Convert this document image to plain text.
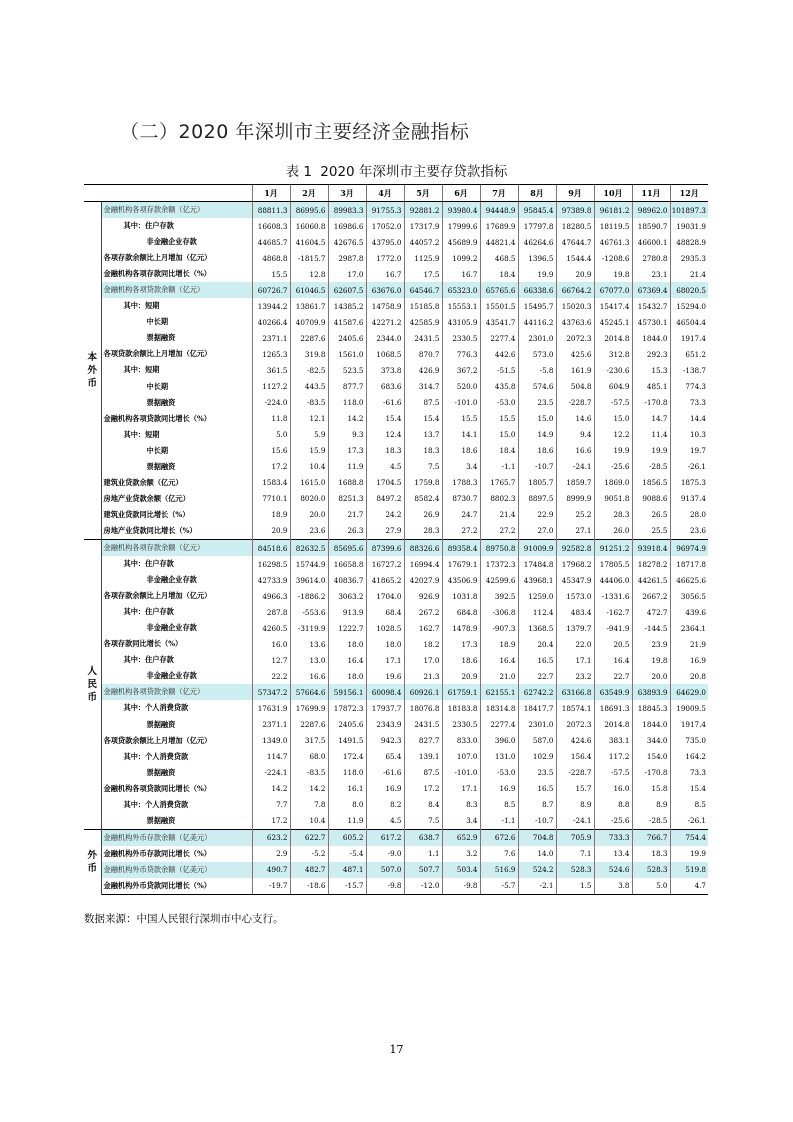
（二）2020 年深圳市主要经济金融指标
表 1 2020 年深圳市主要存贷款指标
		1月	2月	3月	4月	5月	6月	7月	8月	9月	10月	11月	12月
本
外
币	金融机构各项存款余额（亿元）	88811.3	86995.6	89983.3	91755.3	92881.2	93980.4	94448.9	95845.4	97389.8	96181.2	98962.0	101897.3
	其中：住户存款	16608.3	16060.8	16986.6	17052.0	17317.9	17999.6	17689.9	17797.8	18280.5	18119.5	18590.7	19031.9
	非金融企业存款	44685.7	41604.5	42676.5	43795.0	44057.2	45689.9	44821.4	46264.6	47644.7	46761.3	46600.1	48828.9
	各项存款余额比上月增加（亿元）	4868.8	-1815.7	2987.8	1772.0	1125.9	1099.2	468.5	1396.5	1544.4	-1208.6	2780.8	2935.3
	金融机构各项存款同比增长（%）	15.5	12.8	17.0	16.7	17.5	16.7	18.4	19.9	20.9	19.8	23.1	21.4
	金融机构各项贷款余额（亿元）	60726.7	61046.5	62607.5	63676.0	64546.7	65323.0	65765.6	66338.6	66764.2	67077.0	67369.4	68020.5
	其中：短期	13944.2	13861.7	14385.2	14758.9	15185.8	15553.1	15501.5	15495.7	15020.3	15417.4	15432.7	15294.0
	中长期	40266.4	40709.9	41587.6	42271.2	42585.9	43105.9	43541.7	44116.2	43763.6	45245.1	45730.1	46504.4
	票据融资	2371.1	2287.6	2405.6	2344.0	2431.5	2330.5	2277.4	2301.0	2072.3	2014.8	1844.0	1917.4
	各项贷款余额比上月增加（亿元）	1265.3	319.8	1561.0	1068.5	870.7	776.3	442.6	573.0	425.6	312.8	292.3	651.2
	其中：短期	361.5	-82.5	523.5	373.8	426.9	367.2	-51.5	-5.8	161.9	-230.6	15.3	-138.7
	中长期	1127.2	443.5	877.7	683.6	314.7	520.0	435.8	574.6	504.8	604.9	485.1	774.3
	票据融资	-224.0	-83.5	118.0	-61.6	87.5	-101.0	-53.0	23.5	-228.7	-57.5	-170.8	73.3
	金融机构各项贷款同比增长（%）	11.8	12.1	14.2	15.4	15.4	15.5	15.5	15.0	14.6	15.0	14.7	14.4
	其中：短期	5.0	5.9	9.3	12.4	13.7	14.1	15.0	14.9	9.4	12.2	11.4	10.3
	中长期	15.6	15.9	17.3	18.3	18.3	18.6	18.4	18.6	16.6	19.9	19.9	19.7
	票据融资	17.2	10.4	11.9	4.5	7.5	3.4	-1.1	-10.7	-24.1	-25.6	-28.5	-26.1
	建筑业贷款余额（亿元）	1583.4	1615.0	1688.8	1704.5	1759.8	1788.3	1765.7	1805.7	1859.7	1869.0	1856.5	1875.3
	房地产业贷款余额（亿元）	7710.1	8020.0	8251.3	8497.2	8582.4	8730.7	8802.3	8897.5	8999.9	9051.8	9088.6	9137.4
	建筑业贷款同比增长（%）	18.9	20.0	21.7	24.2	26.9	24.7	21.4	22.9	25.2	28.3	26.5	28.0
	房地产业贷款同比增长（%）	20.9	23.6	26.3	27.9	28.3	27.2	27.2	27.0	27.1	26.0	25.5	23.6
人
民
币	金融机构各项存款余额（亿元）	84518.6	82632.5	85695.6	87399.6	88326.6	89358.4	89750.8	91009.9	92582.8	91251.2	93918.4	96974.9
	其中：住户存款	16298.5	15744.9	16658.8	16727.2	16994.4	17679.1	17372.3	17484.8	17968.2	17805.5	18278.2	18717.8
	非金融企业存款	42733.9	39614.0	40836.7	41865.2	42027.9	43506.9	42599.6	43968.1	45347.9	44406.0	44261.5	46625.6
	各项存款余额比上月增加（亿元）	4966.3	-1886.2	3063.2	1704.0	926.9	1031.8	392.5	1259.0	1573.0	-1331.6	2667.2	3056.5
	其中：住户存款	287.8	-553.6	913.9	68.4	267.2	684.8	-306.8	112.4	483.4	-162.7	472.7	439.6
	非金融企业存款	4260.5	-3119.9	1222.7	1028.5	162.7	1478.9	-907.3	1368.5	1379.7	-941.9	-144.5	2364.1
	各项存款同比增长（%）	16.0	13.6	18.0	18.0	18.2	17.3	18.9	20.4	22.0	20.5	23.9	21.9
	其中：住户存款	12.7	13.0	16.4	17.1	17.0	18.6	16.4	16.5	17.1	16.4	19.8	16.9
	非金融企业存款	22.2	16.6	18.0	19.6	21.3	20.9	21.0	22.7	23.2	22.7	20.0	20.8
	金融机构各项贷款余额（亿元）	57347.2	57664.6	59156.1	60098.4	60926.1	61759.1	62155.1	62742.2	63166.8	63549.9	63893.9	64629.0
	其中：个人消费贷款	17631.9	17699.9	17872.3	17937.7	18076.8	18183.8	18314.8	18417.7	18574.1	18691.3	18845.3	19009.5
	票据融资	2371.1	2287.6	2405.6	2343.9	2431.5	2330.5	2277.4	2301.0	2072.3	2014.8	1844.0	1917.4
	各项贷款余额比上月增加（亿元）	1349.0	317.5	1491.5	942.3	827.7	833.0	396.0	587.0	424.6	383.1	344.0	735.0
	其中：个人消费贷款	114.7	68.0	172.4	65.4	139.1	107.0	131.0	102.9	156.4	117.2	154.0	164.2
	票据融资	-224.1	-83.5	118.0	-61.6	87.5	-101.0	-53.0	23.5	-228.7	-57.5	-170.8	73.3
	金融机构各项贷款同比增长（%）	14.2	14.2	16.1	16.9	17.2	17.1	16.9	16.5	15.7	16.0	15.8	15.4
	其中：个人消费贷款	7.7	7.8	8.0	8.2	8.4	8.3	8.5	8.7	8.9	8.8	8.9	8.5
	票据融资	17.2	10.4	11.9	4.5	7.5	3.4	-1.1	-10.7	-24.1	-25.6	-28.5	-26.1
外
币	金融机构外币存款余额（亿美元）	623.2	622.7	605.2	617.2	638.7	652.9	672.6	704.8	705.9	733.3	766.7	754.4
	金融机构外币存款同比增长（%）	2.9	-5.2	-5.4	-9.0	1.1	3.2	7.6	14.0	7.1	13.4	18.3	19.9
	金融机构外币贷款余额（亿美元）	490.7	482.7	487.1	507.0	507.7	503.4	516.9	524.2	528.3	524.6	528.3	519.8
	金融机构外币贷款同比增长（%）	-19.7	-18.6	-15.7	-9.8	-12.0	-9.8	-5.7	-2.1	1.5	3.8	5.0	4.7
数据来源：中国人民银行深圳市中心支行。
17
